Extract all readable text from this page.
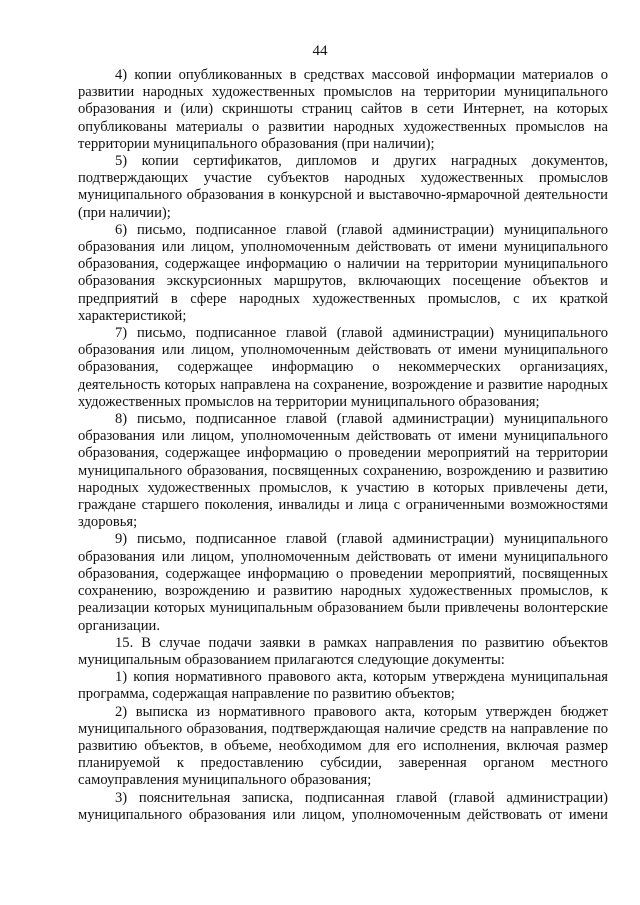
44

4) копии опубликованных в средствах массовой информации материалов о развитии народных художественных промыслов на территории муниципального образования и (или) скриншоты страниц сайтов в сети Интернет, на которых опубликованы материалы о развитии народных художественных промыслов на территории муниципального образования (при наличии);

5) копии сертификатов, дипломов и других наградных документов, подтверждающих участие субъектов народных художественных промыслов муниципального образования в конкурсной и выставочно-ярмарочной деятельности (при наличии);

6) письмо, подписанное главой (главой администрации) муниципального образования или лицом, уполномоченным действовать от имени муниципального образования, содержащее информацию о наличии на территории муниципального образования экскурсионных маршрутов, включающих посещение объектов и предприятий в сфере народных художественных промыслов, с их краткой характеристикой;

7) письмо, подписанное главой (главой администрации) муниципального образования или лицом, уполномоченным действовать от имени муниципального образования, содержащее информацию о некоммерческих организациях, деятельность которых направлена на сохранение, возрождение и развитие народных художественных промыслов на территории муниципального образования;

8) письмо, подписанное главой (главой администрации) муниципального образования или лицом, уполномоченным действовать от имени муниципального образования, содержащее информацию о проведении мероприятий на территории муниципального образования, посвященных сохранению, возрождению и развитию народных художественных промыслов, к участию в которых привлечены дети, граждане старшего поколения, инвалиды и лица с ограниченными возможностями здоровья;

9) письмо, подписанное главой (главой администрации) муниципального образования или лицом, уполномоченным действовать от имени муниципального образования, содержащее информацию о проведении мероприятий, посвященных сохранению, возрождению и развитию народных художественных промыслов, к реализации которых муниципальным образованием были привлечены волонтерские организации.

15. В случае подачи заявки в рамках направления по развитию объектов муниципальным образованием прилагаются следующие документы:

1) копия нормативного правового акта, которым утверждена муниципальная программа, содержащая направление по развитию объектов;

2) выписка из нормативного правового акта, которым утвержден бюджет муниципального образования, подтверждающая наличие средств на направление по развитию объектов, в объеме, необходимом для его исполнения, включая размер планируемой к предоставлению субсидии, заверенная органом местного самоуправления муниципального образования;

3) пояснительная записка, подписанная главой (главой администрации) муниципального образования или лицом, уполномоченным действовать от имени
